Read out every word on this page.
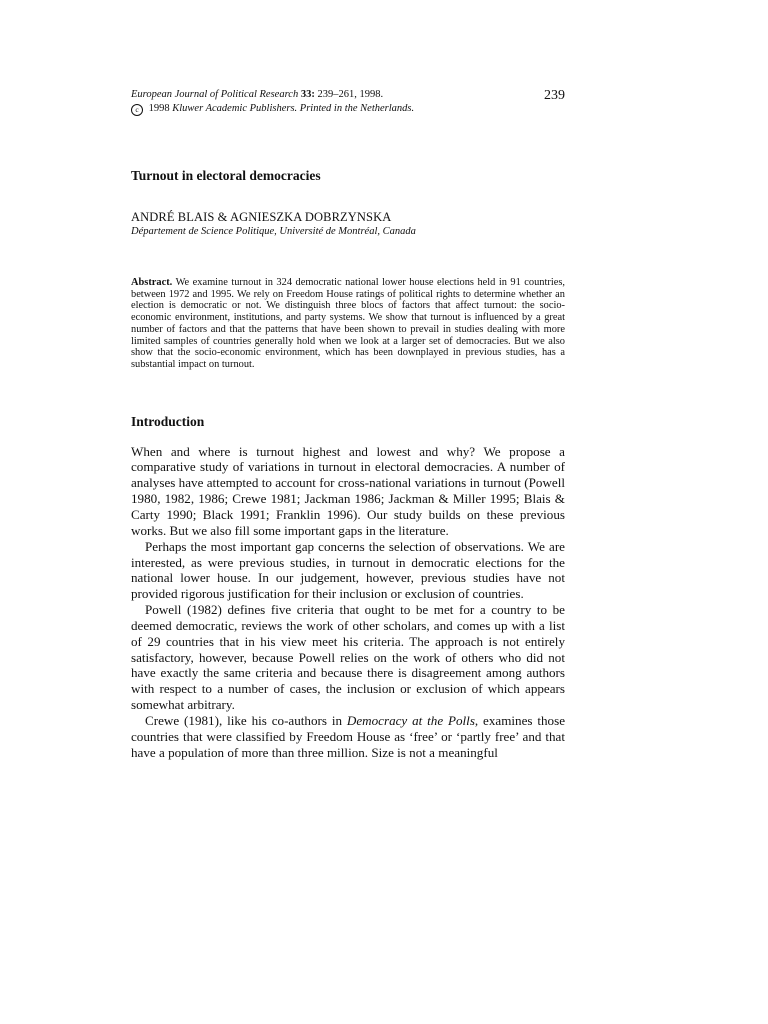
European Journal of Political Research 33: 239–261, 1998.
c 1998 Kluwer Academic Publishers. Printed in the Netherlands.
239
Turnout in electoral democracies
ANDRÉ BLAIS & AGNIESZKA DOBRZYNSKA
Département de Science Politique, Université de Montréal, Canada
Abstract. We examine turnout in 324 democratic national lower house elections held in 91 countries, between 1972 and 1995. We rely on Freedom House ratings of political rights to determine whether an election is democratic or not. We distinguish three blocs of factors that affect turnout: the socio-economic environment, institutions, and party systems. We show that turnout is influenced by a great number of factors and that the patterns that have been shown to prevail in studies dealing with more limited samples of countries generally hold when we look at a larger set of democracies. But we also show that the socio-economic environment, which has been downplayed in previous studies, has a substantial impact on turnout.
Introduction

When and where is turnout highest and lowest and why? We propose a comparative study of variations in turnout in electoral democracies. A number of analyses have attempted to account for cross-national variations in turnout (Powell 1980, 1982, 1986; Crewe 1981; Jackman 1986; Jackman & Miller 1995; Blais & Carty 1990; Black 1991; Franklin 1996). Our study builds on these previous works. But we also fill some important gaps in the literature.

Perhaps the most important gap concerns the selection of observations. We are interested, as were previous studies, in turnout in democratic elections for the national lower house. In our judgement, however, previous studies have not provided rigorous justification for their inclusion or exclusion of countries.

Powell (1982) defines five criteria that ought to be met for a country to be deemed democratic, reviews the work of other scholars, and comes up with a list of 29 countries that in his view meet his criteria. The approach is not entirely satisfactory, however, because Powell relies on the work of others who did not have exactly the same criteria and because there is disagreement among authors with respect to a number of cases, the inclusion or exclusion of which appears somewhat arbitrary.

Crewe (1981), like his co-authors in Democracy at the Polls, examines those countries that were classified by Freedom House as ‘free’ or ‘partly free’ and that have a population of more than three million. Size is not a meaningful
